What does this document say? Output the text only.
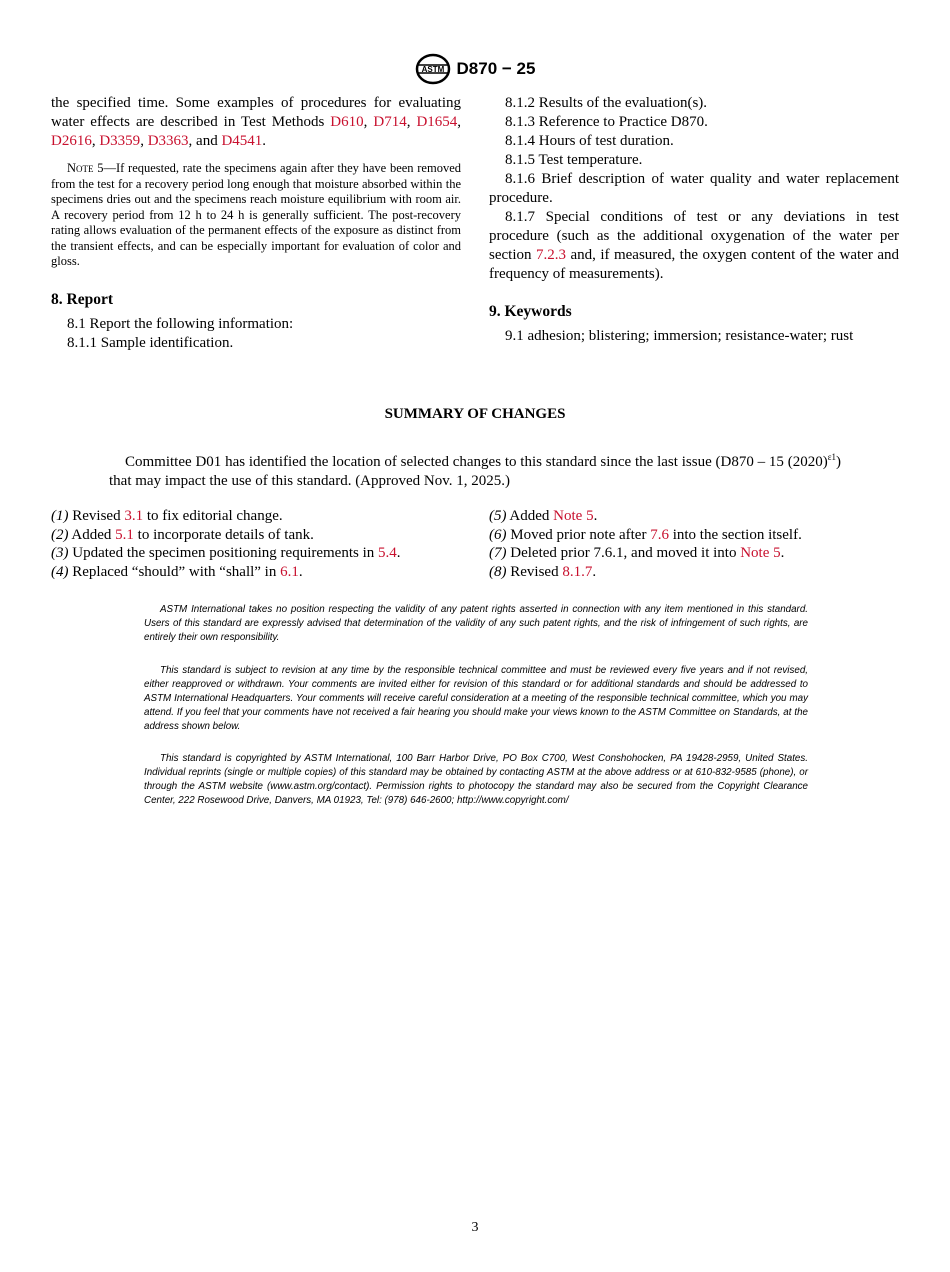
ASTM D870 − 25

the specified time. Some examples of procedures for evaluating water effects are described in Test Methods D610, D714, D1654, D2616, D3359, D3363, and D4541.

Note 5—If requested, rate the specimens again after they have been removed from the test for a recovery period long enough that moisture absorbed within the specimens dries out and the specimens reach moisture equilibrium with room air. A recovery period from 12 h to 24 h is generally sufficient. The post-recovery rating allows evaluation of the permanent effects of the exposure as distinct from the transient effects, and can be especially important for evaluation of color and gloss.

8. Report

8.1 Report the following information:

8.1.1 Sample identification.

8.1.2 Results of the evaluation(s).

8.1.3 Reference to Practice D870.

8.1.4 Hours of test duration.

8.1.5 Test temperature.

8.1.6 Brief description of water quality and water replacement procedure.

8.1.7 Special conditions of test or any deviations in test procedure (such as the additional oxygenation of the water per section 7.2.3 and, if measured, the oxygen content of the water and frequency of measurements).

9. Keywords

9.1 adhesion; blistering; immersion; resistance-water; rust

SUMMARY OF CHANGES

Committee D01 has identified the location of selected changes to this standard since the last issue (D870 – 15 $(2020)^{\varepsilon 1}$) that may impact the use of this standard. (Approved Nov. 1, 2025.)

(1) Revised 3.1 to fix editorial change.
(2) Added 5.1 to incorporate details of tank.
(3) Updated the specimen positioning requirements in 5.4.
(4) Replaced “should” with “shall” in 6.1.
(5) Added Note 5.
(6) Moved prior note after 7.6 into the section itself.
(7) Deleted prior 7.6.1, and moved it into Note 5.
(8) Revised 8.1.7.

ASTM International takes no position respecting the validity of any patent rights asserted in connection with any item mentioned in this standard. Users of this standard are expressly advised that determination of the validity of any such patent rights, and the risk of infringement of such rights, are entirely their own responsibility.

This standard is subject to revision at any time by the responsible technical committee and must be reviewed every five years and if not revised, either reapproved or withdrawn. Your comments are invited either for revision of this standard or for additional standards and should be addressed to ASTM International Headquarters. Your comments will receive careful consideration at a meeting of the responsible technical committee, which you may attend. If you feel that your comments have not received a fair hearing you should make your views known to the ASTM Committee on Standards, at the address shown below.

This standard is copyrighted by ASTM International, 100 Barr Harbor Drive, PO Box C700, West Conshohocken, PA 19428-2959, United States. Individual reprints (single or multiple copies) of this standard may be obtained by contacting ASTM at the above address or at 610-832-9585 (phone), or through the ASTM website (www.astm.org/contact). Permission rights to photocopy the standard may also be secured from the Copyright Clearance Center, 222 Rosewood Drive, Danvers, MA 01923, Tel: (978) 646-2600; http://www.copyright.com/

3
